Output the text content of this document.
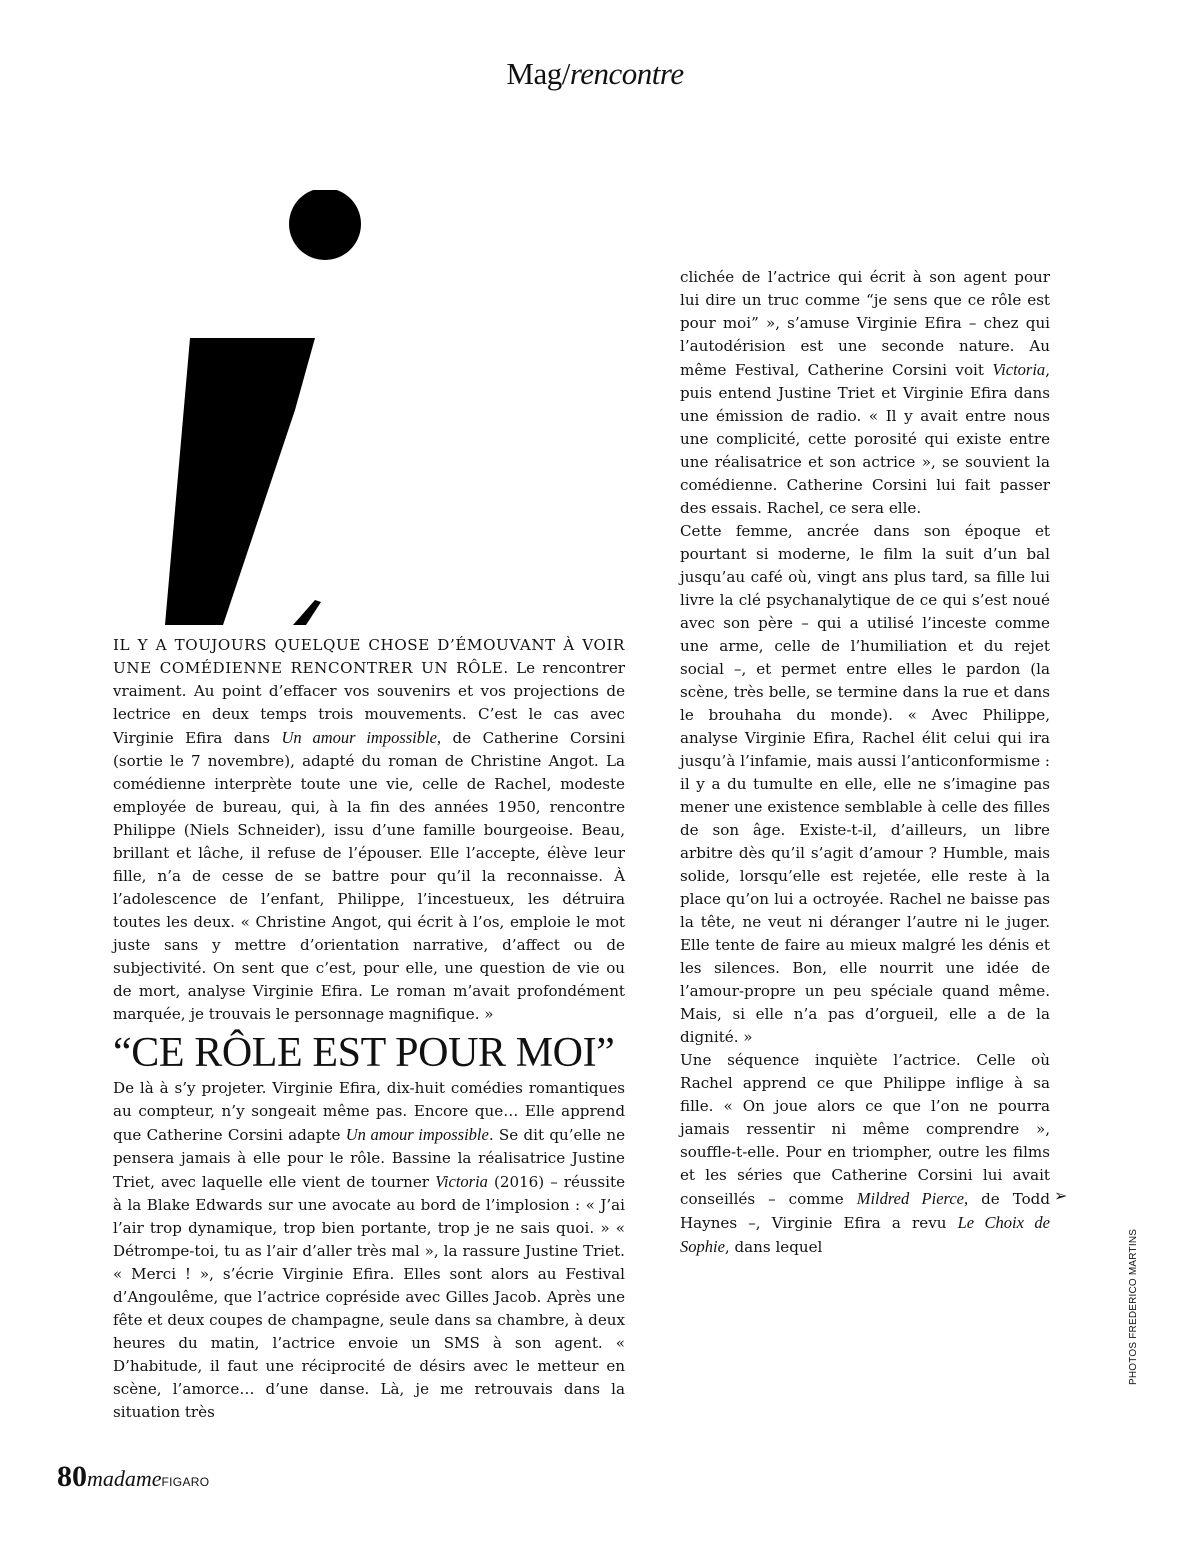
Mag/rencontre

IL Y A TOUJOURS QUELQUE CHOSE D’ÉMOUVANT À VOIR UNE COMÉDIENNE RENCONTRER UN RÔLE. Le rencontrer vraiment. Au point d’effacer vos souvenirs et vos projections de lectrice en deux temps trois mouvements. C’est le cas avec Virginie Efira dans Un amour impossible, de Catherine Corsini (sortie le 7 novembre), adapté du roman de Christine Angot. La comédienne interprète toute une vie, celle de Rachel, modeste employée de bureau, qui, à la fin des années 1950, rencontre Philippe (Niels Schneider), issu d’une famille bourgeoise. Beau, brillant et lâche, il refuse de l’épouser. Elle l’accepte, élève leur fille, n’a de cesse de se battre pour qu’il la reconnaisse. À l’adolescence de l’enfant, Philippe, l’incestueux, les détruira toutes les deux. « Christine Angot, qui écrit à l’os, emploie le mot juste sans y mettre d’orientation narrative, d’affect ou de subjectivité. On sent que c’est, pour elle, une question de vie ou de mort, analyse Virginie Efira. Le roman m’avait profondément marquée, je trouvais le personnage magnifique. »

“CE RÔLE EST POUR MOI”

De là à s’y projeter. Virginie Efira, dix-huit comédies romantiques au compteur, n’y songeait même pas. Encore que… Elle apprend que Catherine Corsini adapte Un amour impossible. Se dit qu’elle ne pensera jamais à elle pour le rôle. Bassine la réalisatrice Justine Triet, avec laquelle elle vient de tourner Victoria (2016) – réussite à la Blake Edwards sur une avocate au bord de l’implosion : « J’ai l’air trop dynamique, trop bien portante, trop je ne sais quoi. » « Détrompe-toi, tu as l’air d’aller très mal », la rassure Justine Triet. « Merci ! », s’écrie Virginie Efira. Elles sont alors au Festival d’Angoulême, que l’actrice copréside avec Gilles Jacob. Après une fête et deux coupes de champagne, seule dans sa chambre, à deux heures du matin, l’actrice envoie un SMS à son agent. « D’habitude, il faut une réciprocité de désirs avec le metteur en scène, l’amorce… d’une danse. Là, je me retrouvais dans la situation très

clichée de l’actrice qui écrit à son agent pour lui dire un truc comme “je sens que ce rôle est pour moi” », s’amuse Virginie Efira – chez qui l’autodérision est une seconde nature. Au même Festival, Catherine Corsini voit Victoria, puis entend Justine Triet et Virginie Efira dans une émission de radio. « Il y avait entre nous une complicité, cette porosité qui existe entre une réalisatrice et son actrice », se souvient la comédienne. Catherine Corsini lui fait passer des essais. Rachel, ce sera elle.

Cette femme, ancrée dans son époque et pourtant si moderne, le film la suit d’un bal jusqu’au café où, vingt ans plus tard, sa fille lui livre la clé psychanalytique de ce qui s’est noué avec son père – qui a utilisé l’inceste comme une arme, celle de l’humiliation et du rejet social –, et permet entre elles le pardon (la scène, très belle, se termine dans la rue et dans le brouhaha du monde). « Avec Philippe, analyse Virginie Efira, Rachel élit celui qui ira jusqu’à l’infamie, mais aussi l’anticonformisme : il y a du tumulte en elle, elle ne s’imagine pas mener une existence semblable à celle des filles de son âge. Existe-t-il, d’ailleurs, un libre arbitre dès qu’il s’agit d’amour ? Humble, mais solide, lorsqu’elle est rejetée, elle reste à la place qu’on lui a octroyée. Rachel ne baisse pas la tête, ne veut ni déranger l’autre ni le juger. Elle tente de faire au mieux malgré les dénis et les silences. Bon, elle nourrit une idée de l’amour-propre un peu spéciale quand même. Mais, si elle n’a pas d’orgueil, elle a de la dignité. »

Une séquence inquiète l’actrice. Celle où Rachel apprend ce que Philippe inflige à sa fille. « On joue alors ce que l’on ne pourra jamais ressentir ni même comprendre », souffle-t-elle. Pour en triompher, outre les films et les séries que Catherine Corsini lui avait conseillés – comme Mildred Pierce, de Todd Haynes –, Virginie Efira a revu Le Choix de Sophie, dans lequel

➢
PHOTOS FREDERICO MARTINS
80madameFIGARO
